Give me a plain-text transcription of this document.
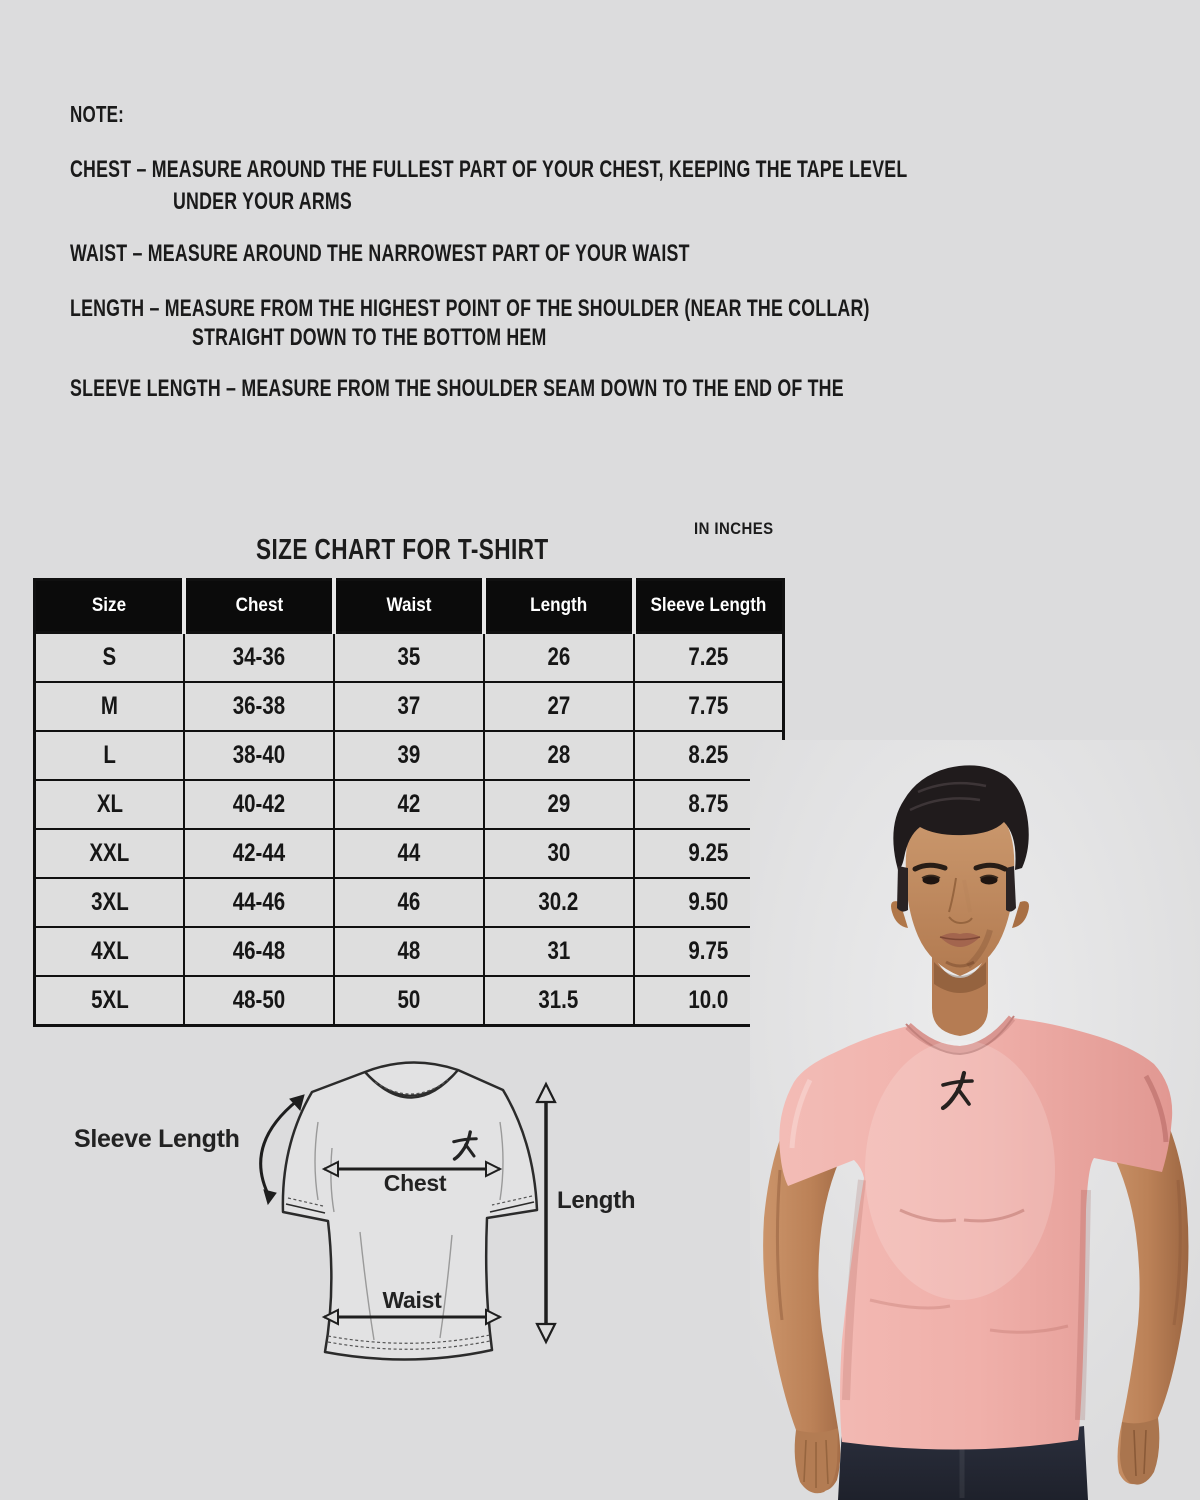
NOTE:
CHEST – MEASURE AROUND THE FULLEST PART OF YOUR CHEST, KEEPING THE TAPE LEVEL
UNDER YOUR ARMS
WAIST – MEASURE AROUND THE NARROWEST PART OF YOUR WAIST
LENGTH – MEASURE FROM THE HIGHEST POINT OF THE SHOULDER (NEAR THE COLLAR)
STRAIGHT DOWN TO THE BOTTOM HEM
SLEEVE LENGTH – MEASURE FROM THE SHOULDER SEAM DOWN TO THE END OF THE
SIZE CHART FOR T-SHIRT
IN INCHES
Size	Chest	Waist	Length	Sleeve Length
S	34-36	35	26	7.25
M	36-38	37	27	7.75
L	38-40	39	28	8.25
XL	40-42	42	29	8.75
XXL	42-44	44	30	9.25
3XL	44-46	46	30.2	9.50
4XL	46-48	48	31	9.75
5XL	48-50	50	31.5	10.0
Chest
Waist
Length
Sleeve Length
